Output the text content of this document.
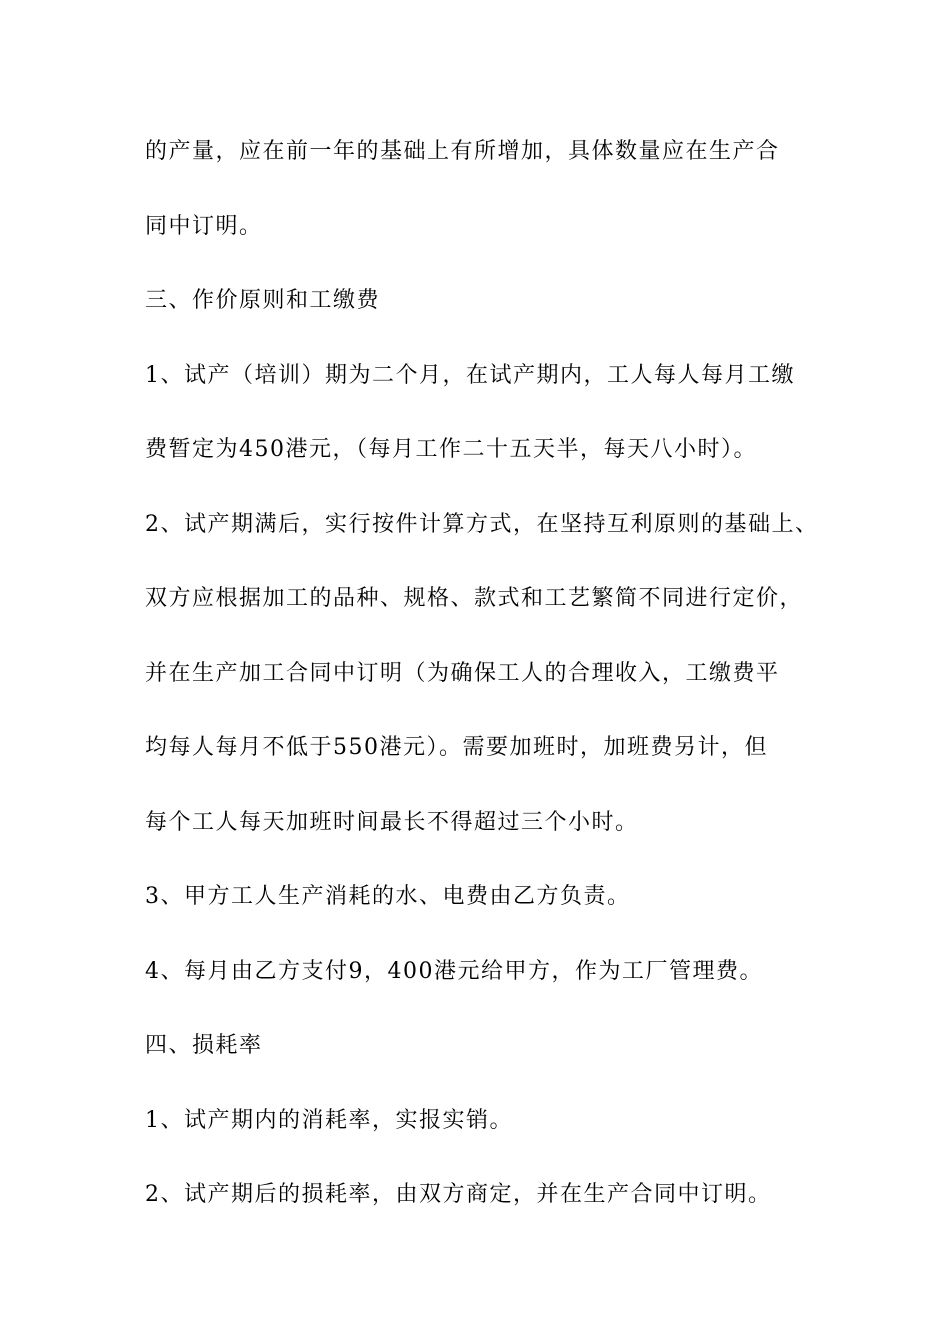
的产量，应在前一年的基础上有所增加，具体数量应在生产合
同中订明。
三、作价原则和工缴费
1、试产（培训）期为二个月，在试产期内，工人每人每月工缴
费暂定为450港元，（每月工作二十五天半，每天八小时）。
2、试产期满后，实行按件计算方式，在坚持互利原则的基础上、
双方应根据加工的品种、规格、款式和工艺繁简不同进行定价，
并在生产加工合同中订明（为确保工人的合理收入，工缴费平
均每人每月不低于550港元）。需要加班时，加班费另计，但
每个工人每天加班时间最长不得超过三个小时。
3、甲方工人生产消耗的水、电费由乙方负责。
4、每月由乙方支付9，400港元给甲方，作为工厂管理费。
四、损耗率
1、试产期内的消耗率，实报实销。
2、试产期后的损耗率，由双方商定，并在生产合同中订明。
